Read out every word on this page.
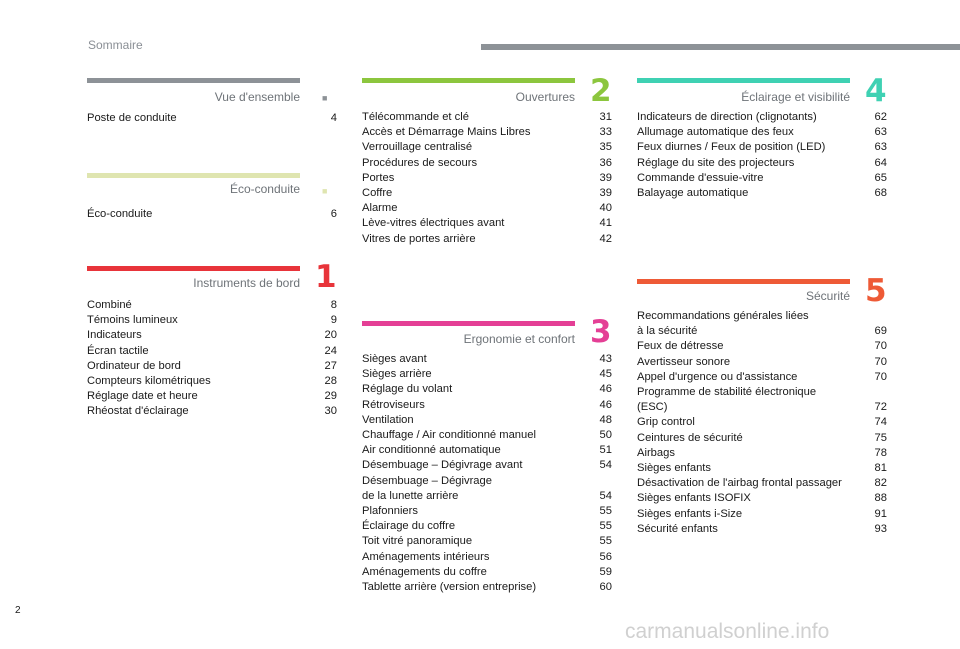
Sommaire
Vue d'ensemble ■
Poste de conduite	4
Éco-conduite ■
Éco-conduite	6
Instruments de bord 1
Combiné	8
Témoins lumineux	9
Indicateurs	20
Écran tactile	24
Ordinateur de bord	27
Compteurs kilométriques	28
Réglage date et heure	29
Rhéostat d'éclairage	30
Ouvertures 2
Télécommande et clé	31
Accès et Démarrage Mains Libres	33
Verrouillage centralisé	35
Procédures de secours	36
Portes	39
Coffre	39
Alarme	40
Lève-vitres électriques avant	41
Vitres de portes arrière	42
Ergonomie et confort 3
Sièges avant	43
Sièges arrière	45
Réglage du volant	46
Rétroviseurs	46
Ventilation	48
Chauffage / Air conditionné manuel	50
Air conditionné automatique	51
Désembuage – Dégivrage avant	54
Désembuage – Dégivrage
de la lunette arrière	54
Plafonniers	55
Éclairage du coffre	55
Toit vitré panoramique	55
Aménagements intérieurs	56
Aménagements du coffre	59
Tablette arrière (version entreprise)	60
Éclairage et visibilité 4
Indicateurs de direction (clignotants)	62
Allumage automatique des feux	63
Feux diurnes / Feux de position (LED)	63
Réglage du site des projecteurs	64
Commande d'essuie-vitre	65
Balayage automatique	68
Sécurité 5
Recommandations générales liées
à la sécurité	69
Feux de détresse	70
Avertisseur sonore	70
Appel d'urgence ou d'assistance	70
Programme de stabilité électronique
(ESC)	72
Grip control	74
Ceintures de sécurité	75
Airbags	78
Sièges enfants	81
Désactivation de l'airbag frontal passager	82
Sièges enfants ISOFIX	88
Sièges enfants i-Size	91
Sécurité enfants	93
2
carmanualsonline.info
